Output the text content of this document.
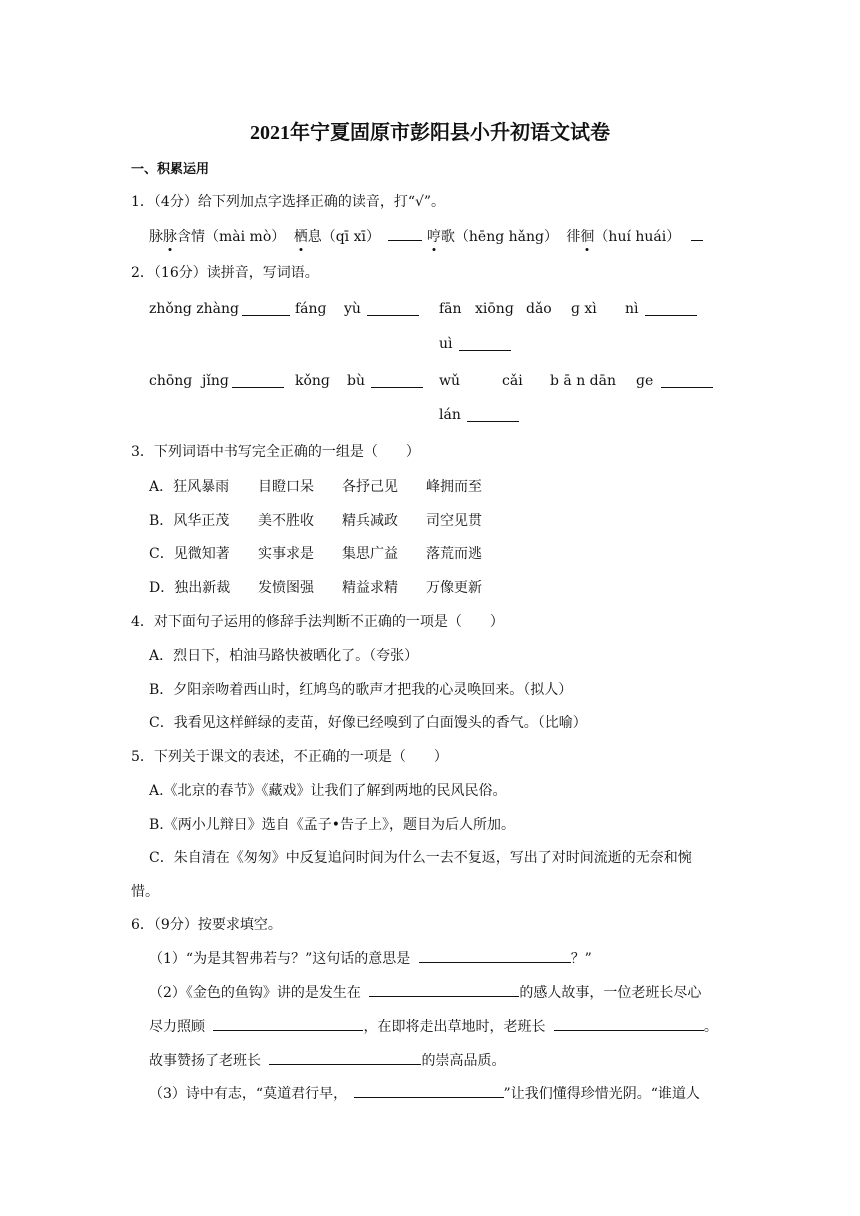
2021年宁夏固原市彭阳县小升初语文试卷
一、积累运用
1．（4分）给下列加点字选择正确的读音，打“√”。
脉脉含情（mài mò） 栖息（qī xī）	哼歌（hēng hǎng） 徘徊（huí huái）
2．（16分）读拼音，写词语。
zhǒng zhàng	fánɡ yù	fān xiōnɡ dǎo ɡ xì nì
uì
chōnɡ jǐnɡ	kǒnɡ bù	wǔ	cǎi b ā n dān ɡe
lán
3．下列词语中书写完全正确的一组是（　　）
A．狂风暴雨 目瞪口呆 各抒己见 峰拥而至
B．风华正茂 美不胜收 精兵减政 司空见贯
C．见微知著 实事求是 集思广益 落荒而逃
D．独出新裁 发愤图强 精益求精 万像更新
4．对下面句子运用的修辞手法判断不正确的一项是（　　）
A．烈日下，柏油马路快被晒化了。（夸张）
B．夕阳亲吻着西山时，红鸠鸟的歌声才把我的心灵唤回来。（拟人）
C．我看见这样鲜绿的麦苗，好像已经嗅到了白面馒头的香气。（比喻）
5．下列关于课文的表述，不正确的一项是（　　）
A.《北京的春节》《藏戏》让我们了解到两地的民风民俗。
B.《两小儿辩日》选自《孟子•告子上》，题目为后人所加。
C．朱自清在《匆匆》中反复追问时间为什么一去不复返，写出了对时间流逝的无奈和惋
惜。
6．（9分）按要求填空。
（1）“为是其智弗若与？”这句话的意思是	？”
（2）《金色的鱼钩》讲的是发生在	的感人故事，一位老班长尽心
尽力照顾	，在即将走出草地时，老班长	。
故事赞扬了老班长	的崇高品质。
（3）诗中有志，“莫道君行早，	”让我们懂得珍惜光阴。“谁道人
